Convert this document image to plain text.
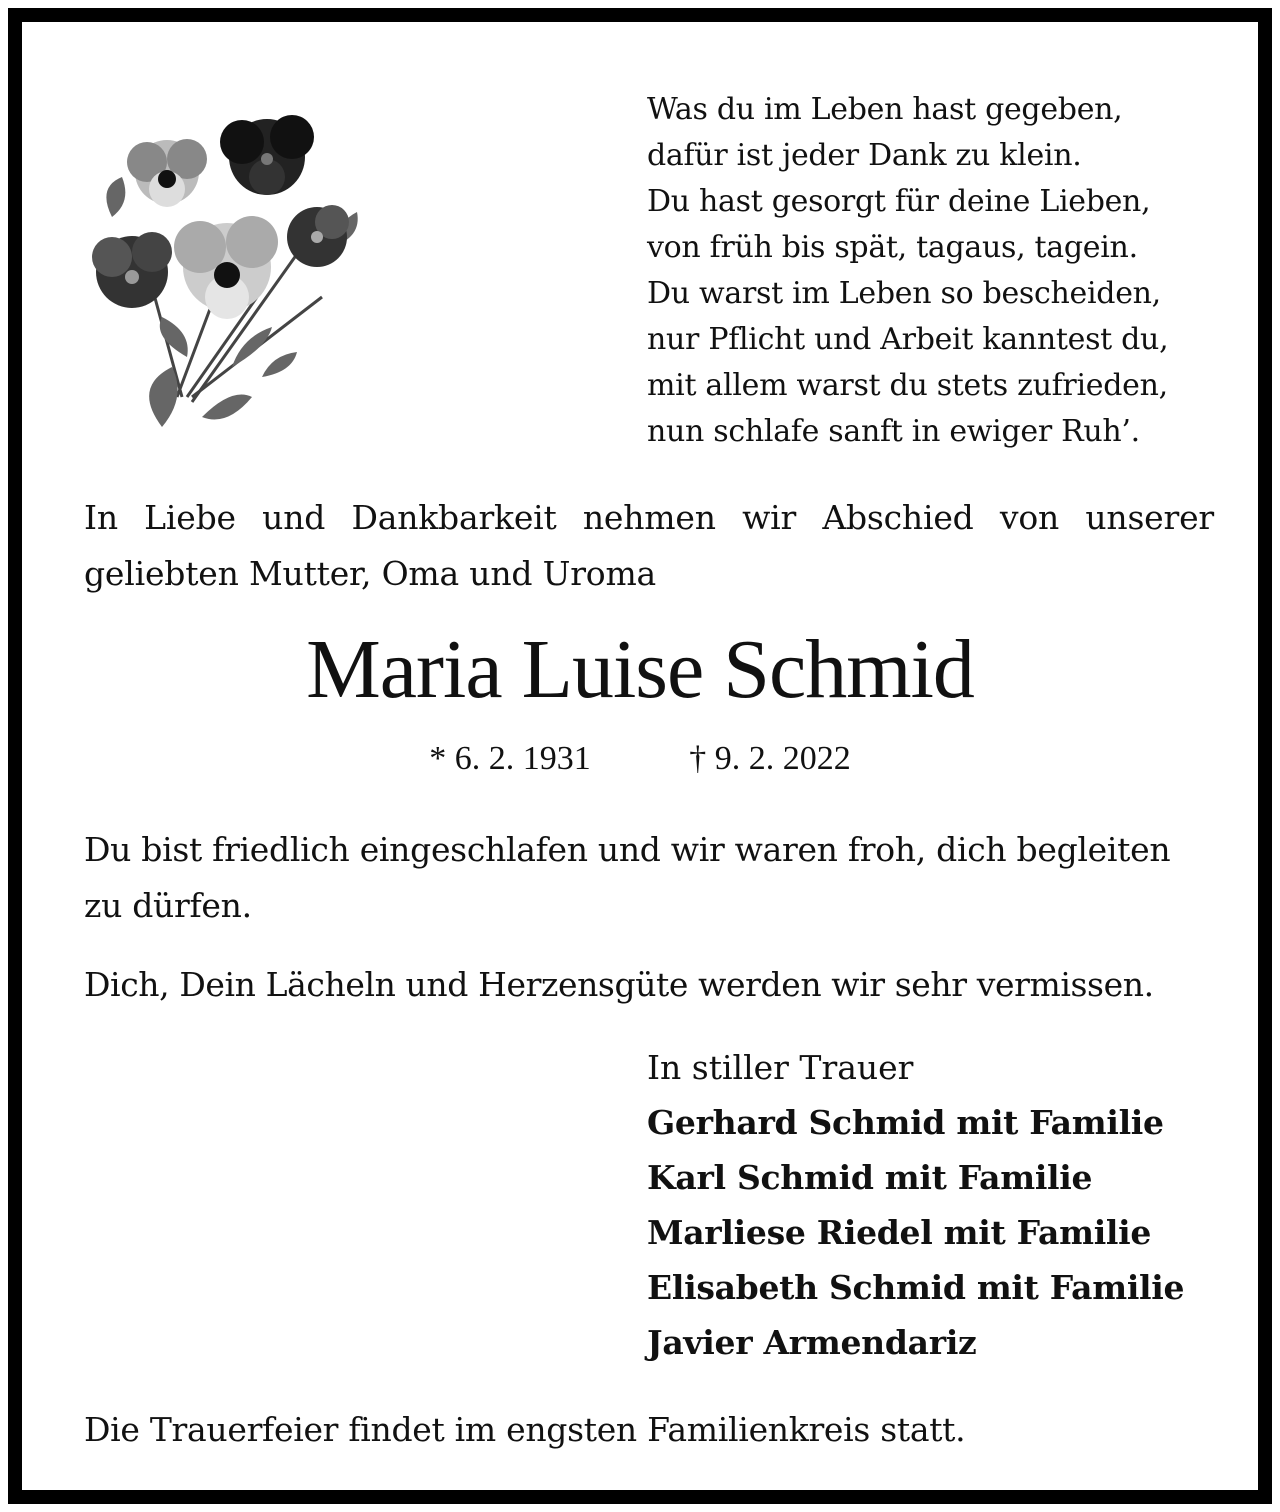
Was du im Leben hast gegeben,
dafür ist jeder Dank zu klein.
Du hast gesorgt für deine Lieben,
von früh bis spät, tagaus, tagein.
Du warst im Leben so bescheiden,
nur Pflicht und Arbeit kanntest du,
mit allem warst du stets zufrieden,
nun schlafe sanft in ewiger Ruh’.
In Liebe und Dankbarkeit nehmen wir Abschied von unserer geliebten Mutter, Oma und Uroma
Maria Luise Schmid
* 6. 2. 1931	† 9. 2. 2022
Du bist friedlich eingeschlafen und wir waren froh, dich begleiten zu dürfen.
Dich, Dein Lächeln und Herzensgüte werden wir sehr vermissen.
In stiller Trauer
Gerhard Schmid mit Familie
Karl Schmid mit Familie
Marliese Riedel mit Familie
Elisabeth Schmid mit Familie
Javier Armendariz
Die Trauerfeier findet im engsten Familienkreis statt.
